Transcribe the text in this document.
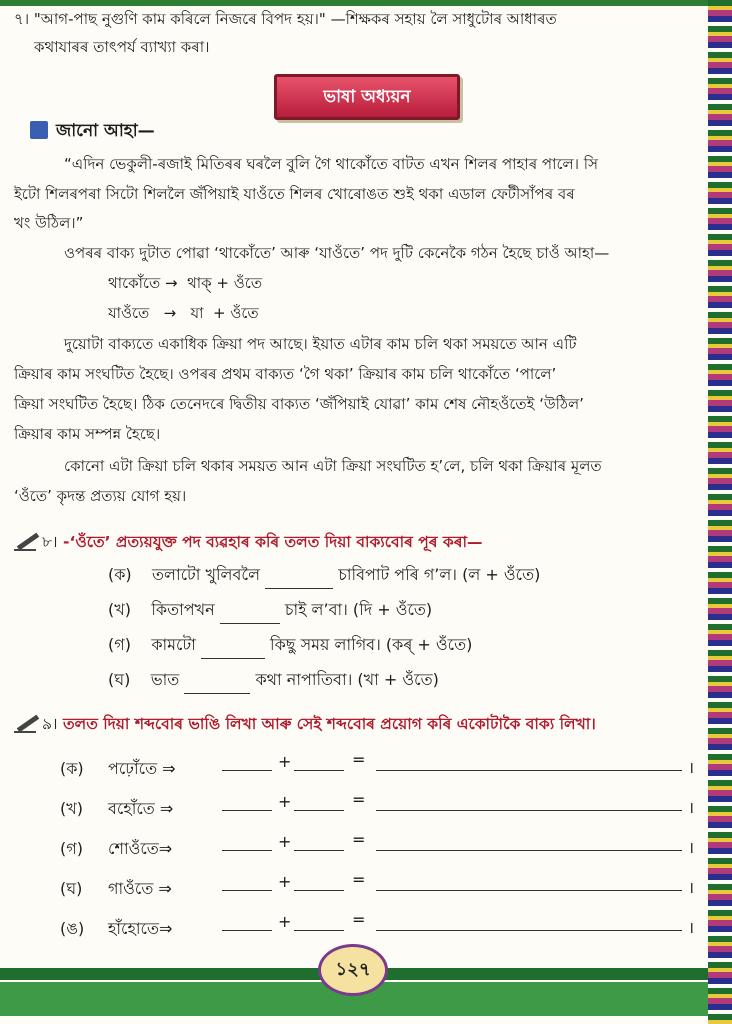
৭। "আগ-পাছ নুগুণি কাম কৰিলে নিজৰে বিপদ হয়।" —শিক্ষকৰ সহায় লৈ সাধুটোৰ আধাৰত
কথাযাৰৰ তাৎপৰ্য ব্যাখ্যা কৰা।
ভাষা অধ্যয়ন
জানো আহা—
“এদিন ভেকুলী-ৰজাই মিতিৰৰ ঘৰলৈ বুলি গৈ থাকোঁতে বাটত এখন শিলৰ পাহাৰ পালে। সি
ইটো শিলৰপৰা সিটো শিললৈ জঁপিয়াই যাওঁতে শিলৰ খোৰোঙত শুই থকা এডাল ফেটীসাঁপৰ বৰ
খং উঠিল।”
ওপৰৰ বাক্য দুটাত পোৱা ‘থাকোঁতে’ আৰু ‘যাওঁতে’ পদ দুটি কেনেকৈ গঠন হৈছে চাওঁ আহা—
থাকোঁতে →  থাক্ + ওঁতে
যাওঁতে   →   যা  + ওঁতে
দুয়োটা বাক্যতে একাধিক ক্ৰিয়া পদ আছে। ইয়াত এটাৰ কাম চলি থকা সময়তে আন এটি
ক্ৰিয়াৰ কাম সংঘটিত হৈছে। ওপৰৰ প্ৰথম বাক্যত ‘গৈ থকা’ ক্ৰিয়াৰ কাম চলি থাকোঁতে ‘পালে’
ক্ৰিয়া সংঘটিত হৈছে। ঠিক তেনেদৰে দ্বিতীয় বাক্যত ‘জঁপিয়াই যোৱা’ কাম শেষ নৌহওঁতেই ‘উঠিল’
ক্ৰিয়াৰ কাম সম্পন্ন হৈছে।
কোনো এটা ক্ৰিয়া চলি থকাৰ সময়ত আন এটা ক্ৰিয়া সংঘটিত হ’লে, চলি থকা ক্ৰিয়াৰ মূলত
‘ওঁতে’ কৃদন্ত প্ৰত্যয় যোগ হয়।
৮। -‘ওঁতে’ প্ৰত্যয়যুক্ত পদ ব্যৱহাৰ কৰি তলত দিয়া বাক্যবোৰ পূৰ কৰা—
(ক) তলাটো খুলিবলৈ	চাবিপাট পৰি গ’ল। (ল + ওঁতে)
(খ) কিতাপখন	চাই ল’বা। (দি + ওঁতে)
(গ) কামটো	কিছু সময় লাগিব। (কৰ্ + ওঁতে)
(ঘ) ভাত	কথা নাপাতিবা। (খা + ওঁতে)
৯। তলত দিয়া শব্দবোৰ ভাঙি লিখা আৰু সেই শব্দবোৰ প্ৰয়োগ কৰি একোটাকৈ বাক্য লিখা।
(ক) পঢ়োঁতে ⇒	+	=	।
(খ) বহোঁতে ⇒	+	=	।
(গ) শোওঁতে⇒	+	=	।
(ঘ) গাওঁতে ⇒	+	=	।
(ঙ) হাঁহোতে⇒	+	=	।
১২৭
